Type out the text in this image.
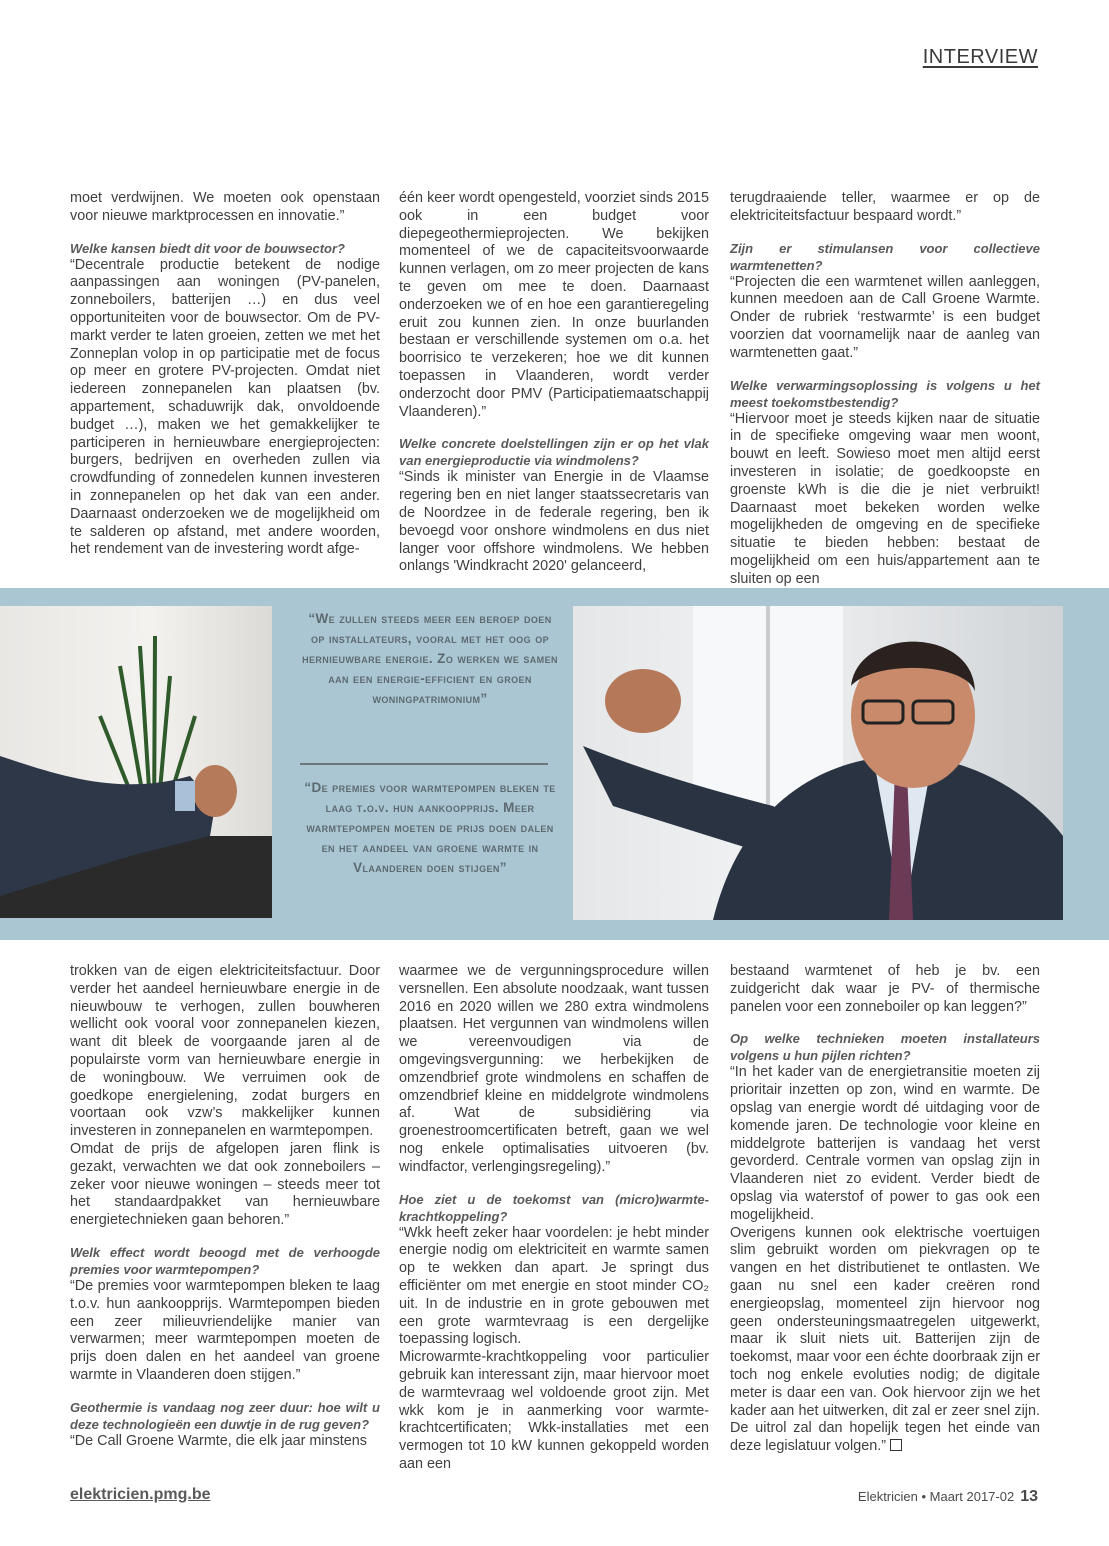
INTERVIEW

moet verdwijnen. We moeten ook openstaan voor nieuwe marktprocessen en innovatie.”

Welke kansen biedt dit voor de bouwsector?

“Decentrale productie betekent de nodige aanpassingen aan woningen (PV-panelen, zonneboilers, batterijen …) en dus veel opportuniteiten voor de bouwsector. Om de PV-markt verder te laten groeien, zetten we met het Zonneplan volop in op participatie met de focus op meer en grotere PV-projecten. Omdat niet iedereen zonnepanelen kan plaatsen (bv. appartement, schaduwrijk dak, onvoldoende budget …), maken we het gemakkelijker te participeren in hernieuwbare energieprojecten: burgers, bedrijven en overheden zullen via crowdfunding of zonnedelen kunnen investeren in zonnepanelen op het dak van een ander. Daarnaast onderzoeken we de mogelijkheid om te salderen op afstand, met andere woorden, het rendement van de investering wordt afge-

één keer wordt opengesteld, voorziet sinds 2015 ook in een budget voor diepegeothermieprojecten. We bekijken momenteel of we de capaciteitsvoorwaarde kunnen verlagen, om zo meer projecten de kans te geven om mee te doen. Daarnaast onderzoeken we of en hoe een garantieregeling eruit zou kunnen zien. In onze buurlanden bestaan er verschillende systemen om o.a. het boorrisico te verzekeren; hoe we dit kunnen toepassen in Vlaanderen, wordt verder onderzocht door PMV (Participatiemaatschappij Vlaanderen).”

Welke concrete doelstellingen zijn er op het vlak van energieproductie via windmolens?

“Sinds ik minister van Energie in de Vlaamse regering ben en niet langer staatssecretaris van de Noordzee in de federale regering, ben ik bevoegd voor onshore windmolens en dus niet langer voor offshore windmolens. We hebben onlangs 'Windkracht 2020' gelanceerd,

terugdraaiende teller, waarmee er op de elektriciteitsfactuur bespaard wordt.”

Zijn er stimulansen voor collectieve warmtenetten?

“Projecten die een warmtenet willen aanleggen, kunnen meedoen aan de Call Groene Warmte. Onder de rubriek ‘restwarmte’ is een budget voorzien dat voornamelijk naar de aanleg van warmtenetten gaat.”

Welke verwarmingsoplossing is volgens u het meest toekomstbestendig?

“Hiervoor moet je steeds kijken naar de situatie in de specifieke omgeving waar men woont, bouwt en leeft. Sowieso moet men altijd eerst investeren in isolatie; de goedkoopste en groenste kWh is die die je niet verbruikt! Daarnaast moet bekeken worden welke mogelijkheden de omgeving en de specifieke situatie te bieden hebben: bestaat de mogelijkheid om een huis/appartement aan te sluiten op een

“We zullen steeds meer een beroep doen op installateurs, vooral met het oog op hernieuwbare energie. Zo werken we samen aan een energie-efficient en groen woningpatrimonium”
“De premies voor warmtepompen bleken te laag t.o.v. hun aankoopprijs. Meer warmtepompen moeten de prijs doen dalen en het aandeel van groene warmte in Vlaanderen doen stijgen”

trokken van de eigen elektriciteitsfactuur. Door verder het aandeel hernieuwbare energie in de nieuwbouw te verhogen, zullen bouwheren wellicht ook vooral voor zonnepanelen kiezen, want dit bleek de voorgaande jaren al de populairste vorm van hernieuwbare energie in de woningbouw. We verruimen ook de goedkope energielening, zodat burgers en voortaan ook vzw’s makkelijker kunnen investeren in zonnepanelen en warmtepompen.

Omdat de prijs de afgelopen jaren flink is gezakt, verwachten we dat ook zonneboilers – zeker voor nieuwe woningen – steeds meer tot het standaardpakket van hernieuwbare energietechnieken gaan behoren.”

Welk effect wordt beoogd met de verhoogde premies voor warmtepompen?

“De premies voor warmtepompen bleken te laag t.o.v. hun aankoopprijs. Warmtepompen bieden een zeer milieuvriendelijke manier van verwarmen; meer warmtepompen moeten de prijs doen dalen en het aandeel van groene warmte in Vlaanderen doen stijgen.”

Geothermie is vandaag nog zeer duur: hoe wilt u deze technologieën een duwtje in de rug geven?

“De Call Groene Warmte, die elk jaar minstens

waarmee we de vergunningsprocedure willen versnellen. Een absolute noodzaak, want tussen 2016 en 2020 willen we 280 extra windmolens plaatsen. Het vergunnen van windmolens willen we vereenvoudigen via de omgevingsvergunning: we herbekijken de omzendbrief grote windmolens en schaffen de omzendbrief kleine en middelgrote windmolens af. Wat de subsidiëring via groenestroomcertificaten betreft, gaan we wel nog enkele optimalisaties uitvoeren (bv. windfactor, verlengingsregeling).”

Hoe ziet u de toekomst van (micro)warmte-krachtkoppeling?

“Wkk heeft zeker haar voordelen: je hebt minder energie nodig om elektriciteit en warmte samen op te wekken dan apart. Je springt dus efficiënter om met energie en stoot minder CO₂ uit. In de industrie en in grote gebouwen met een grote warmtevraag is een dergelijke toepassing logisch.

Microwarmte-krachtkoppeling voor particulier gebruik kan interessant zijn, maar hiervoor moet de warmtevraag wel voldoende groot zijn. Met wkk kom je in aanmerking voor warmte-krachtcertificaten; Wkk-installaties met een vermogen tot 10 kW kunnen gekoppeld worden aan een

bestaand warmtenet of heb je bv. een zuidgericht dak waar je PV- of thermische panelen voor een zonneboiler op kan leggen?”

Op welke technieken moeten installateurs volgens u hun pijlen richten?

“In het kader van de energietransitie moeten zij prioritair inzetten op zon, wind en warmte. De opslag van energie wordt dé uitdaging voor de komende jaren. De technologie voor kleine en middelgrote batterijen is vandaag het verst gevorderd. Centrale vormen van opslag zijn in Vlaanderen niet zo evident. Verder biedt de opslag via waterstof of power to gas ook een mogelijkheid.

Overigens kunnen ook elektrische voertuigen slim gebruikt worden om piekvragen op te vangen en het distributienet te ontlasten. We gaan nu snel een kader creëren rond energieopslag, momenteel zijn hiervoor nog geen ondersteuningsmaatregelen uitgewerkt, maar ik sluit niets uit. Batterijen zijn de toekomst, maar voor een échte doorbraak zijn er toch nog enkele evoluties nodig; de digitale meter is daar een van. Ook hiervoor zijn we het kader aan het uitwerken, dit zal er zeer snel zijn. De uitrol zal dan hopelijk tegen het einde van deze legislatuur volgen.”

elektricien.pmg.be	Elektricien • Maart 2017-02 13
